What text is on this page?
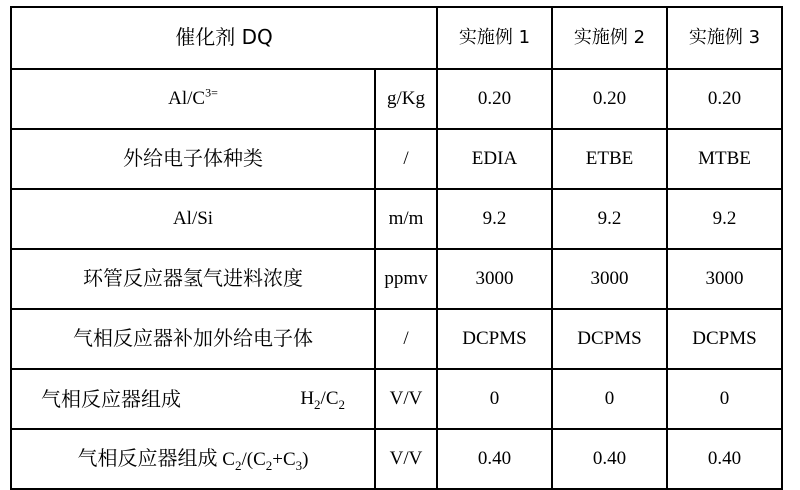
催化剂 DQ		实施例 1	实施例 2	实施例 3
$Al/C^{3=}$	g/Kg	0.20	0.20	0.20
外给电子体种类	/	EDIA	ETBE	MTBE
Al/Si	m/m	9.2	9.2	9.2
环管反应器氢气进料浓度	ppmv	3000	3000	3000
气相反应器补加外给电子体	/	DCPMS	DCPMS	DCPMS

气相反应器组成 $H_2/C_2$	V/V	0	0	0
气相反应器组成 $C_2/(C_2+C_3)$	V/V	0.40	0.40	0.40
